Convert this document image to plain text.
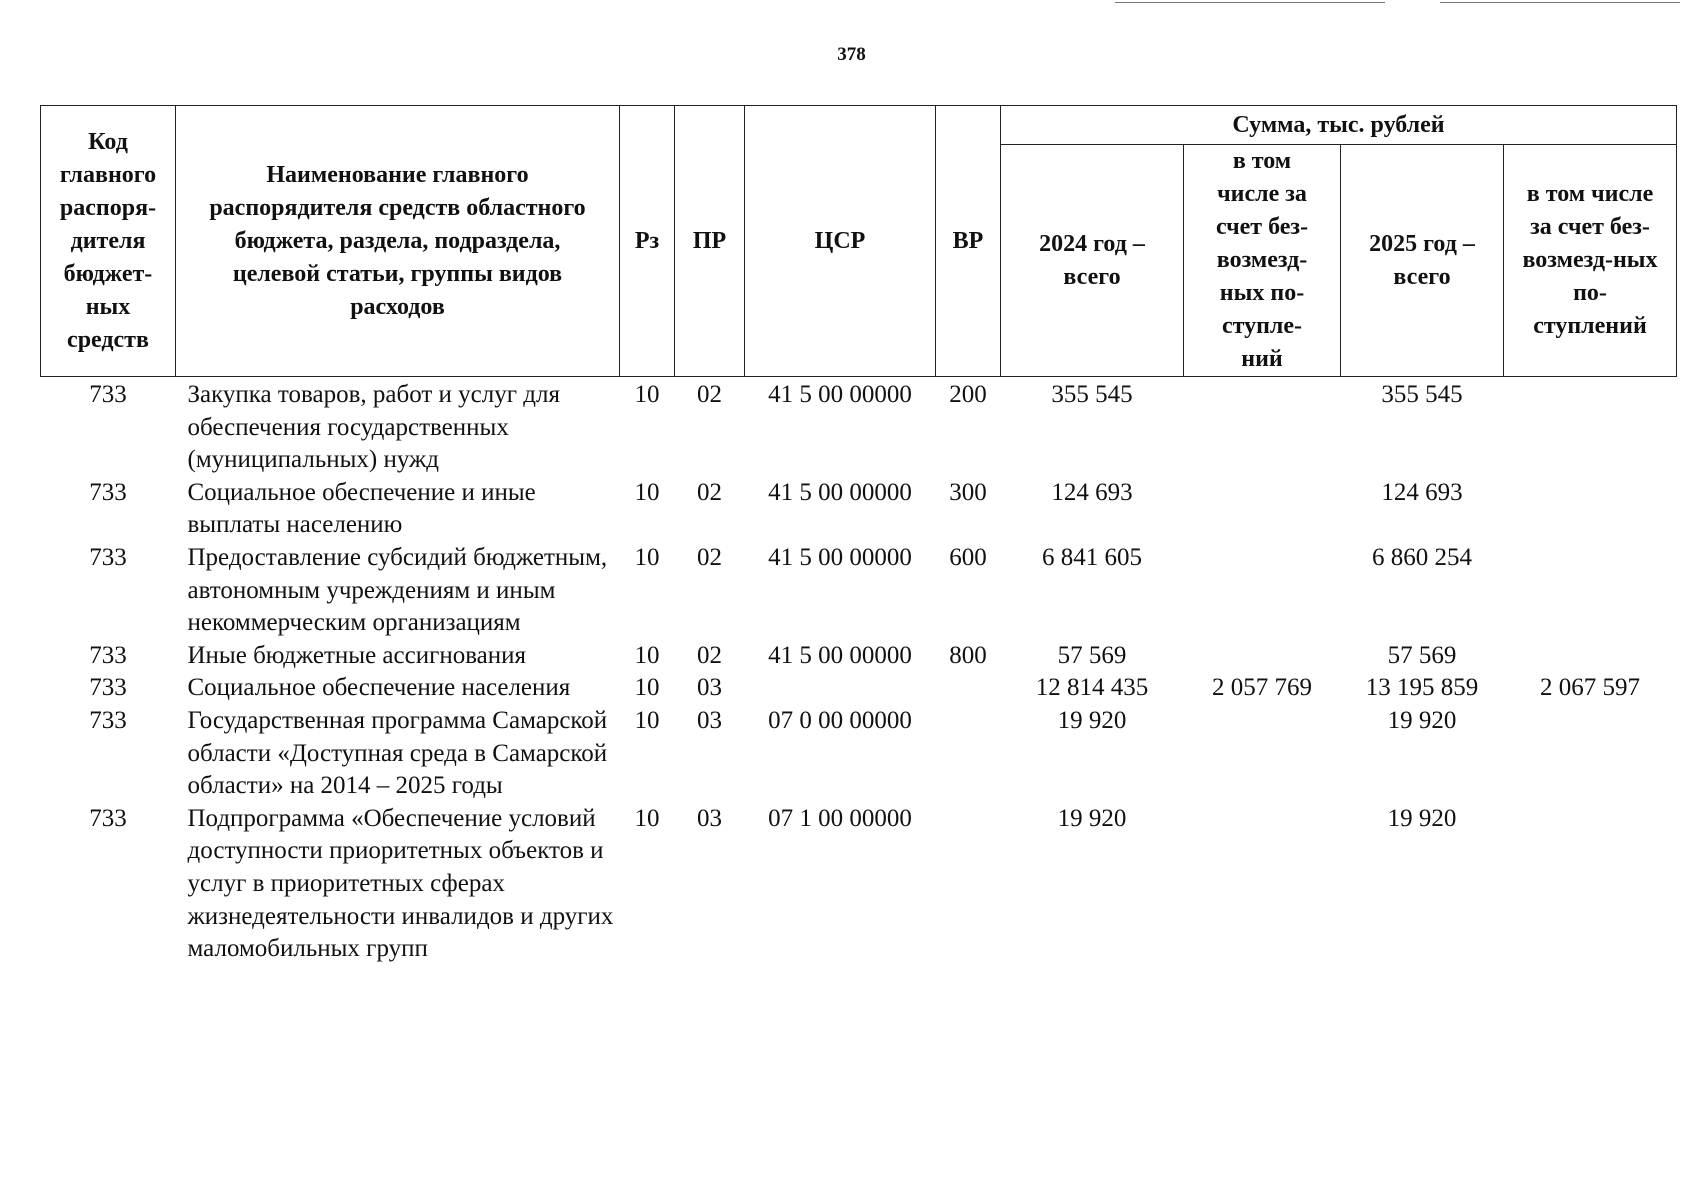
378
Код главного распоря-дителя бюджет-ных средств	Наименование главного распорядителя средств областного бюджета, раздела, подраздела, целевой статьи, группы видов расходов	Рз	ПР	ЦСР	ВР	Сумма, тыс. рублей			
						2024 год – всего	в том числе за счет без-возмезд-ных по-ступле-ний	2025 год – всего	в том числе за счет без-возмезд-ных по-ступлений
733	Закупка товаров, работ и услуг для обеспечения государственных (муниципальных) нужд	10	02	41 5 00 00000	200	355 545		355 545	
733	Социальное обеспечение и иные выплаты населению	10	02	41 5 00 00000	300	124 693		124 693	
733	Предоставление субсидий бюджетным, автономным учреждениям и иным некоммерческим организациям	10	02	41 5 00 00000	600	6 841 605		6 860 254	
733	Иные бюджетные ассигнования	10	02	41 5 00 00000	800	57 569		57 569	
733	Социальное обеспечение населения	10	03			12 814 435	2 057 769	13 195 859	2 067 597
733	Государственная программа Самарской области «Доступная среда в Самарской области» на 2014 – 2025 годы	10	03	07 0 00 00000		19 920		19 920	
733	Подпрограмма «Обеспечение условий доступности приоритетных объектов и услуг в приоритетных сферах жизнедеятельности инвалидов и других маломобильных групп	10	03	07 1 00 00000		19 920		19 920	
